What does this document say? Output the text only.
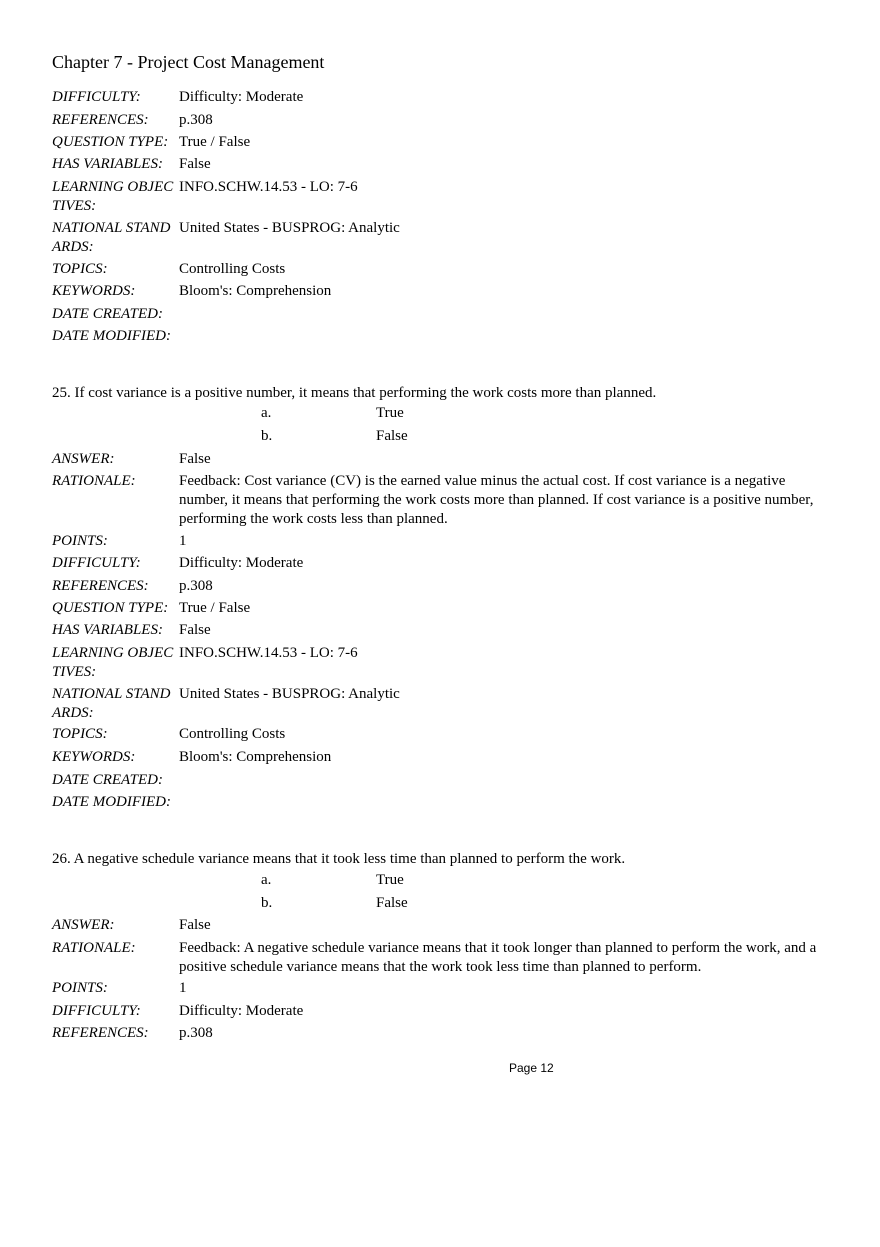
Chapter 7 - Project Cost Management
DIFFICULTY:	Difficulty: Moderate
REFERENCES:	p.308
QUESTION TYPE: True / False
HAS VARIABLES:	False
LEARNING OBJECTIVES:
INFO.SCHW.14.53 - LO: 7-6
NATIONAL STANDARDS:
United States - BUSPROG: Analytic
TOPICS:	Controlling Costs
KEYWORDS:	Bloom's: Comprehension
DATE CREATED:
DATE MODIFIED:
25. If cost variance is a positive number, it means that performing the work costs more than planned.
a.	True
b.	False
ANSWER:	False
RATIONALE:	Feedback: Cost variance (CV) is the earned value minus the actual cost. If cost variance is a negative number, it means that performing the work costs more than planned. If cost variance is a positive number, performing the work costs less than planned.
POINTS:	1
DIFFICULTY:	Difficulty: Moderate
REFERENCES:	p.308
QUESTION TYPE: True / False
HAS VARIABLES:	False
LEARNING OBJECTIVES:
INFO.SCHW.14.53 - LO: 7-6
NATIONAL STANDARDS:
United States - BUSPROG: Analytic
TOPICS:	Controlling Costs
KEYWORDS:	Bloom's: Comprehension
DATE CREATED:
DATE MODIFIED:
26. A negative schedule variance means that it took less time than planned to perform the work.
a.	True
b.	False
ANSWER:	False
RATIONALE:	Feedback: A negative schedule variance means that it took longer than planned to perform the work, and a positive schedule variance means that the work took less time than planned to perform.
POINTS:	1
DIFFICULTY:	Difficulty: Moderate
REFERENCES:	p.308
Page 12
